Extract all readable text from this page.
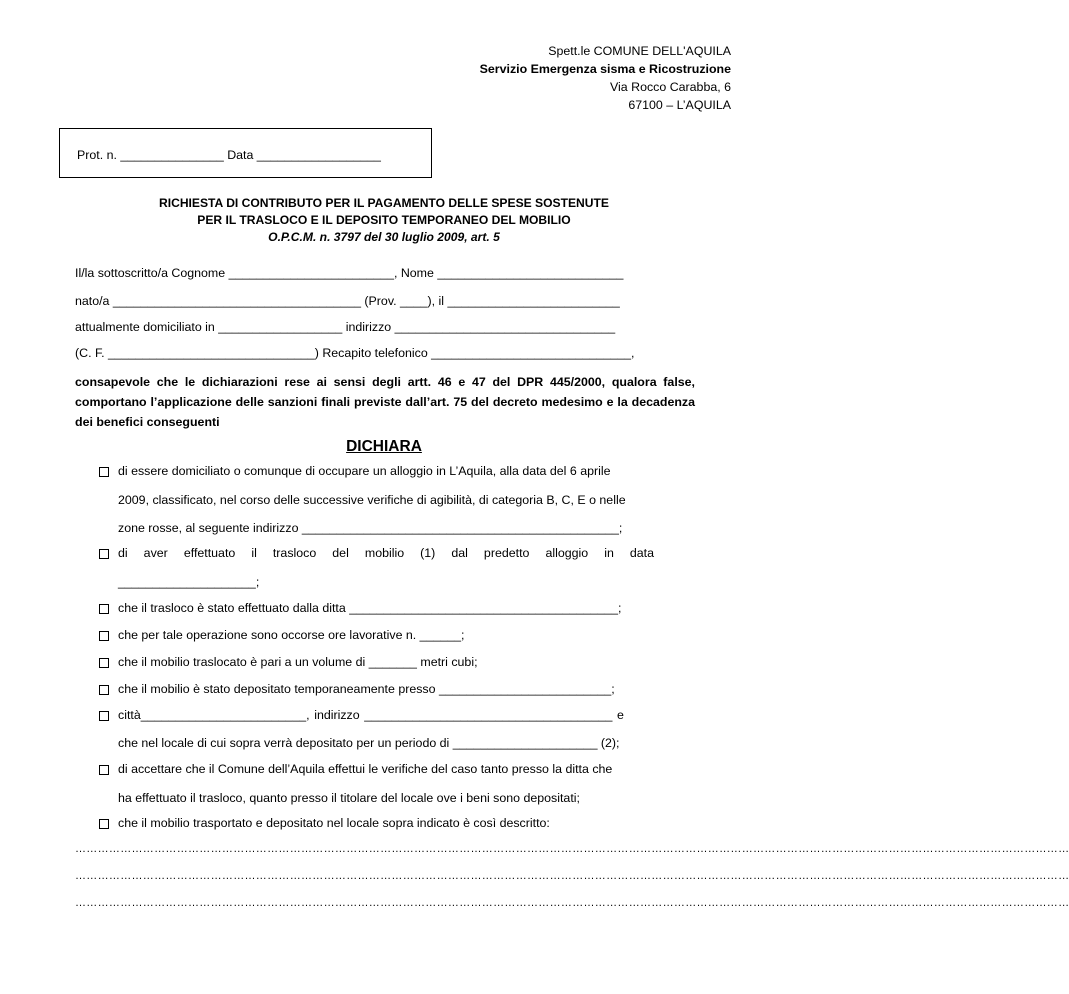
Spett.le COMUNE DELL'AQUILA
Servizio Emergenza sisma e Ricostruzione
Via Rocco Carabba, 6
67100 – L’AQUILA
Prot. n. _______________ Data __________________
RICHIESTA DI CONTRIBUTO PER IL PAGAMENTO DELLE SPESE SOSTENUTE
PER IL TRASLOCO E IL DEPOSITO TEMPORANEO DEL MOBILIO
O.P.C.M. n. 3797 del 30 luglio 2009, art. 5
Il/la sottoscritto/a Cognome ________________________, Nome ___________________________
nato/a ____________________________________ (Prov. ____), il _________________________
attualmente domiciliato in __________________ indirizzo ________________________________
(C. F. ______________________________) Recapito telefonico _____________________________,
consapevole che le dichiarazioni rese ai sensi degli artt. 46 e 47 del DPR 445/2000, qualora false, comportano l’applicazione delle sanzioni finali previste dall’art. 75 del decreto medesimo e la decadenza dei benefici conseguenti
DICHIARA
di essere domiciliato o comunque di occupare un alloggio in L’Aquila, alla data del 6 aprile
2009, classificato, nel corso delle successive verifiche di agibilità, di categoria B, C, E o nelle
zone rosse, al seguente indirizzo ______________________________________________;
di aver effettuato il trasloco del mobilio (1) dal predetto alloggio in data
____________________;
che il trasloco è stato effettuato dalla ditta _______________________________________;
che per tale operazione sono occorse ore lavorative n. ______;
che il mobilio traslocato è pari a un volume di _______ metri cubi;
che il mobilio è stato depositato temporaneamente presso _________________________;
città________________________, indirizzo ____________________________________ e
che nel locale di cui sopra verrà depositato per un periodo di _____________________ (2);
di accettare che il Comune dell’Aquila effettui le verifiche del caso tanto presso la ditta che
ha effettuato il trasloco, quanto presso il titolare del locale ove i beni sono depositati;
che il mobilio trasportato e depositato nel locale sopra indicato è così descritto:
…………………………………………………………………………………………………………………………………………………………………………………………………………………………………………
…………………………………………………………………………………………………………………………………………………………………………………………………………………………………………
…………………………………………………………………………………………………………………………………………………………………………………………………………………………………………
